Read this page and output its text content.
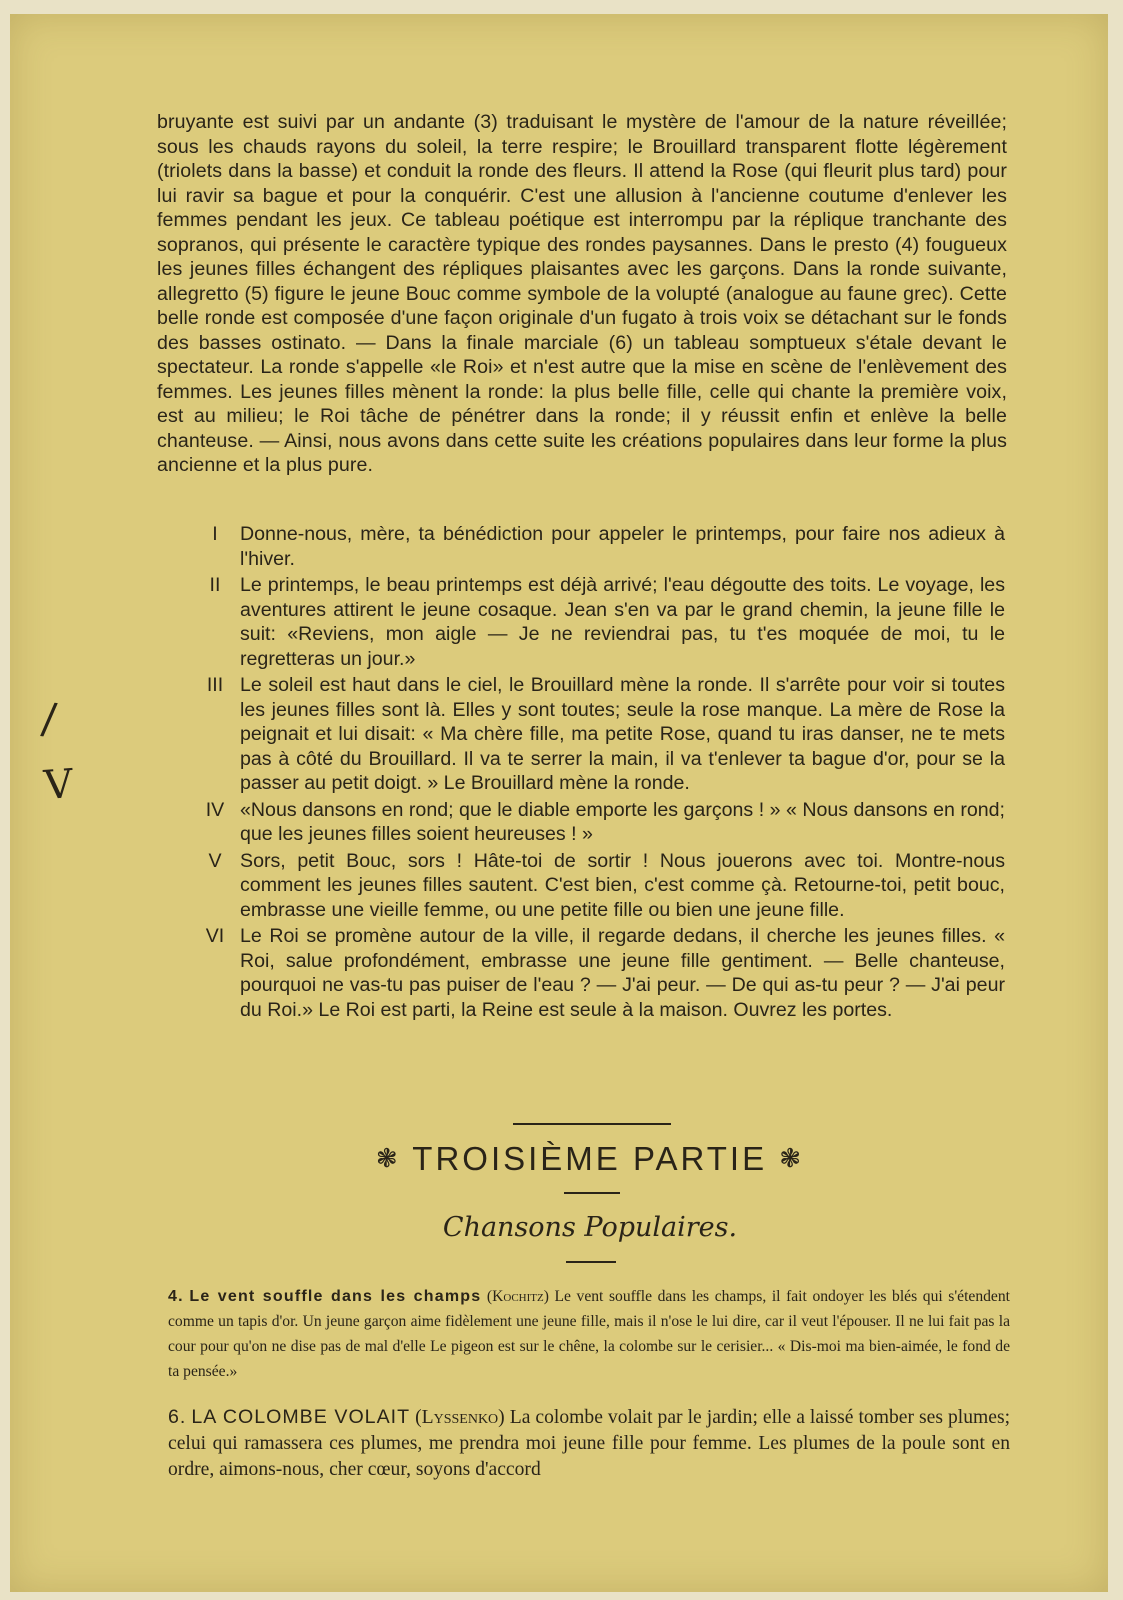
/
V

bruyante est suivi par un andante (3) traduisant le mystère de l'amour de la nature réveillée; sous les chauds rayons du soleil, la terre respire; le Brouillard transparent flotte légèrement (triolets dans la basse) et conduit la ronde des fleurs. Il attend la Rose (qui fleurit plus tard) pour lui ravir sa bague et pour la conquérir. C'est une allusion à l'ancienne coutume d'enlever les femmes pendant les jeux. Ce tableau poétique est interrompu par la réplique tranchante des sopranos, qui présente le caractère typique des rondes paysannes. Dans le presto (4) fougueux les jeunes filles échangent des répliques plaisantes avec les garçons. Dans la ronde suivante, allegretto (5) figure le jeune Bouc comme symbole de la volupté (analogue au faune grec). Cette belle ronde est composée d'une façon originale d'un fugato à trois voix se détachant sur le fonds des basses ostinato. — Dans la finale marciale (6) un tableau somptueux s'étale devant le spectateur. La ronde s'appelle «le Roi» et n'est autre que la mise en scène de l'enlèvement des femmes. Les jeunes filles mènent la ronde: la plus belle fille, celle qui chante la première voix, est au milieu; le Roi tâche de pénétrer dans la ronde; il y réussit enfin et enlève la belle chanteuse. — Ainsi, nous avons dans cette suite les créations populaires dans leur forme la plus ancienne et la plus pure.

I	Donne-nous, mère, ta bénédiction pour appeler le printemps, pour faire nos adieux à l'hiver.
II Le printemps, le beau printemps est déjà arrivé; l'eau dégoutte des toits. Le voyage, les aventures attirent le jeune cosaque. Jean s'en va par le grand chemin, la jeune fille le suit: «Reviens, mon aigle — Je ne reviendrai pas, tu t'es moquée de moi, tu le regretteras un jour.»
III Le soleil est haut dans le ciel, le Brouillard mène la ronde. Il s'arrête pour voir si toutes les jeunes filles sont là. Elles y sont toutes; seule la rose manque. La mère de Rose la peignait et lui disait: « Ma chère fille, ma petite Rose, quand tu iras danser, ne te mets pas à côté du Brouillard. Il va te serrer la main, il va t'enlever ta bague d'or, pour se la passer au petit doigt. » Le Brouillard mène la ronde.
IV «Nous dansons en rond; que le diable emporte les garçons ! » « Nous dansons en rond; que les jeunes filles soient heureuses ! »
V Sors, petit Bouc, sors ! Hâte-toi de sortir ! Nous jouerons avec toi. Montre-nous comment les jeunes filles sautent. C'est bien, c'est comme çà. Retourne-toi, petit bouc, embrasse une vieille femme, ou une petite fille ou bien une jeune fille.
VI Le Roi se promène autour de la ville, il regarde dedans, il cherche les jeunes filles. « Roi, salue profondément, embrasse une jeune fille gentiment. — Belle chanteuse, pourquoi ne vas-tu pas puiser de l'eau ? — J'ai peur. — De qui as-tu peur ? — J'ai peur du Roi.» Le Roi est parti, la Reine est seule à la maison. Ouvrez les portes.
❃ TROISIÈME PARTIE ❃
Chansons Populaires.
4. Le vent souffle dans les champs (Kochitz) Le vent souffle dans les champs, il fait ondoyer les blés qui s'étendent comme un tapis d'or. Un jeune garçon aime fidèlement une jeune fille, mais il n'ose le lui dire, car il veut l'épouser. Il ne lui fait pas la cour pour qu'on ne dise pas de mal d'elle Le pigeon est sur le chêne, la colombe sur le cerisier... « Dis-moi ma bien-aimée, le fond de ta pensée.»
6. LA COLOMBE VOLAIT (Lyssenko) La colombe volait par le jardin; elle a laissé tomber ses plumes; celui qui ramassera ces plumes, me prendra moi jeune fille pour femme. Les plumes de la poule sont en ordre, aimons-nous, cher cœur, soyons d'accord
